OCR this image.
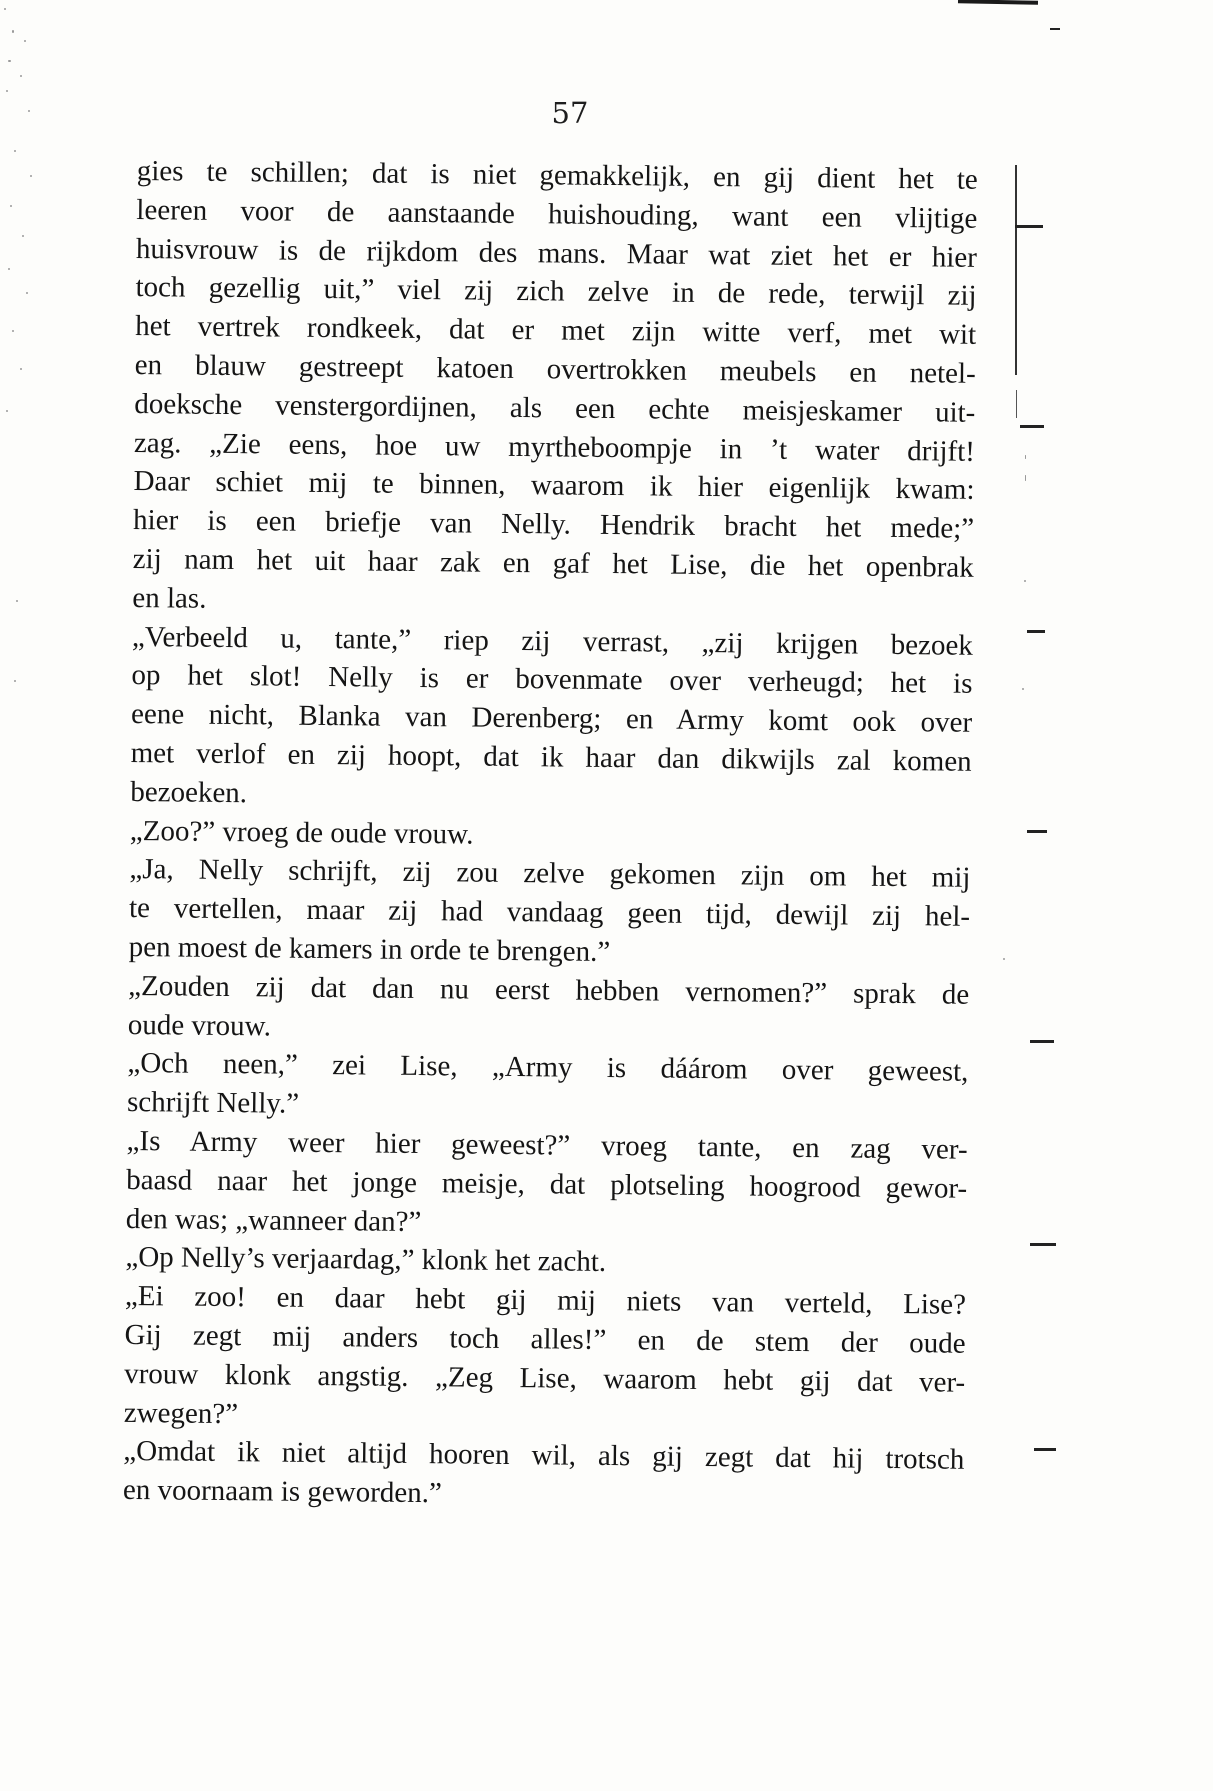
57
gies te schillen; dat is niet gemakkelijk, en gij dient het te
leeren voor de aanstaande huishouding, want een vlijtige
huisvrouw is de rijkdom des mans. Maar wat ziet het er hier
toch gezellig uit,” viel zij zich zelve in de rede, terwijl zij
het vertrek rondkeek, dat er met zijn witte verf, met wit
en blauw gestreept katoen overtrokken meubels en netel-
doeksche venstergordijnen, als een echte meisjeskamer uit-
zag. „Zie eens, hoe uw myrtheboompje in ’t water drijft!
Daar schiet mij te binnen, waarom ik hier eigenlijk kwam:
hier is een briefje van Nelly. Hendrik bracht het mede;”
zij nam het uit haar zak en gaf het Lise, die het openbrak
en las.
„Verbeeld u, tante,” riep zij verrast, „zij krijgen bezoek
op het slot! Nelly is er bovenmate over verheugd; het is
eene nicht, Blanka van Derenberg; en Army komt ook over
met verlof en zij hoopt, dat ik haar dan dikwijls zal komen
bezoeken.
„Zoo?” vroeg de oude vrouw.
„Ja, Nelly schrijft, zij zou zelve gekomen zijn om het mij
te vertellen, maar zij had vandaag geen tijd, dewijl zij hel-
pen moest de kamers in orde te brengen.”
„Zouden zij dat dan nu eerst hebben vernomen?” sprak de
oude vrouw.
„Och neen,” zei Lise, „Army is dáárom over geweest,
schrijft Nelly.”
„Is Army weer hier geweest?” vroeg tante, en zag ver-
baasd naar het jonge meisje, dat plotseling hoogrood gewor-
den was; „wanneer dan?”
„Op Nelly’s verjaardag,” klonk het zacht.
„Ei zoo! en daar hebt gij mij niets van verteld, Lise?
Gij zegt mij anders toch alles!” en de stem der oude
vrouw klonk angstig. „Zeg Lise, waarom hebt gij dat ver-
zwegen?”
„Omdat ik niet altijd hooren wil, als gij zegt dat hij trotsch
en voornaam is geworden.”
